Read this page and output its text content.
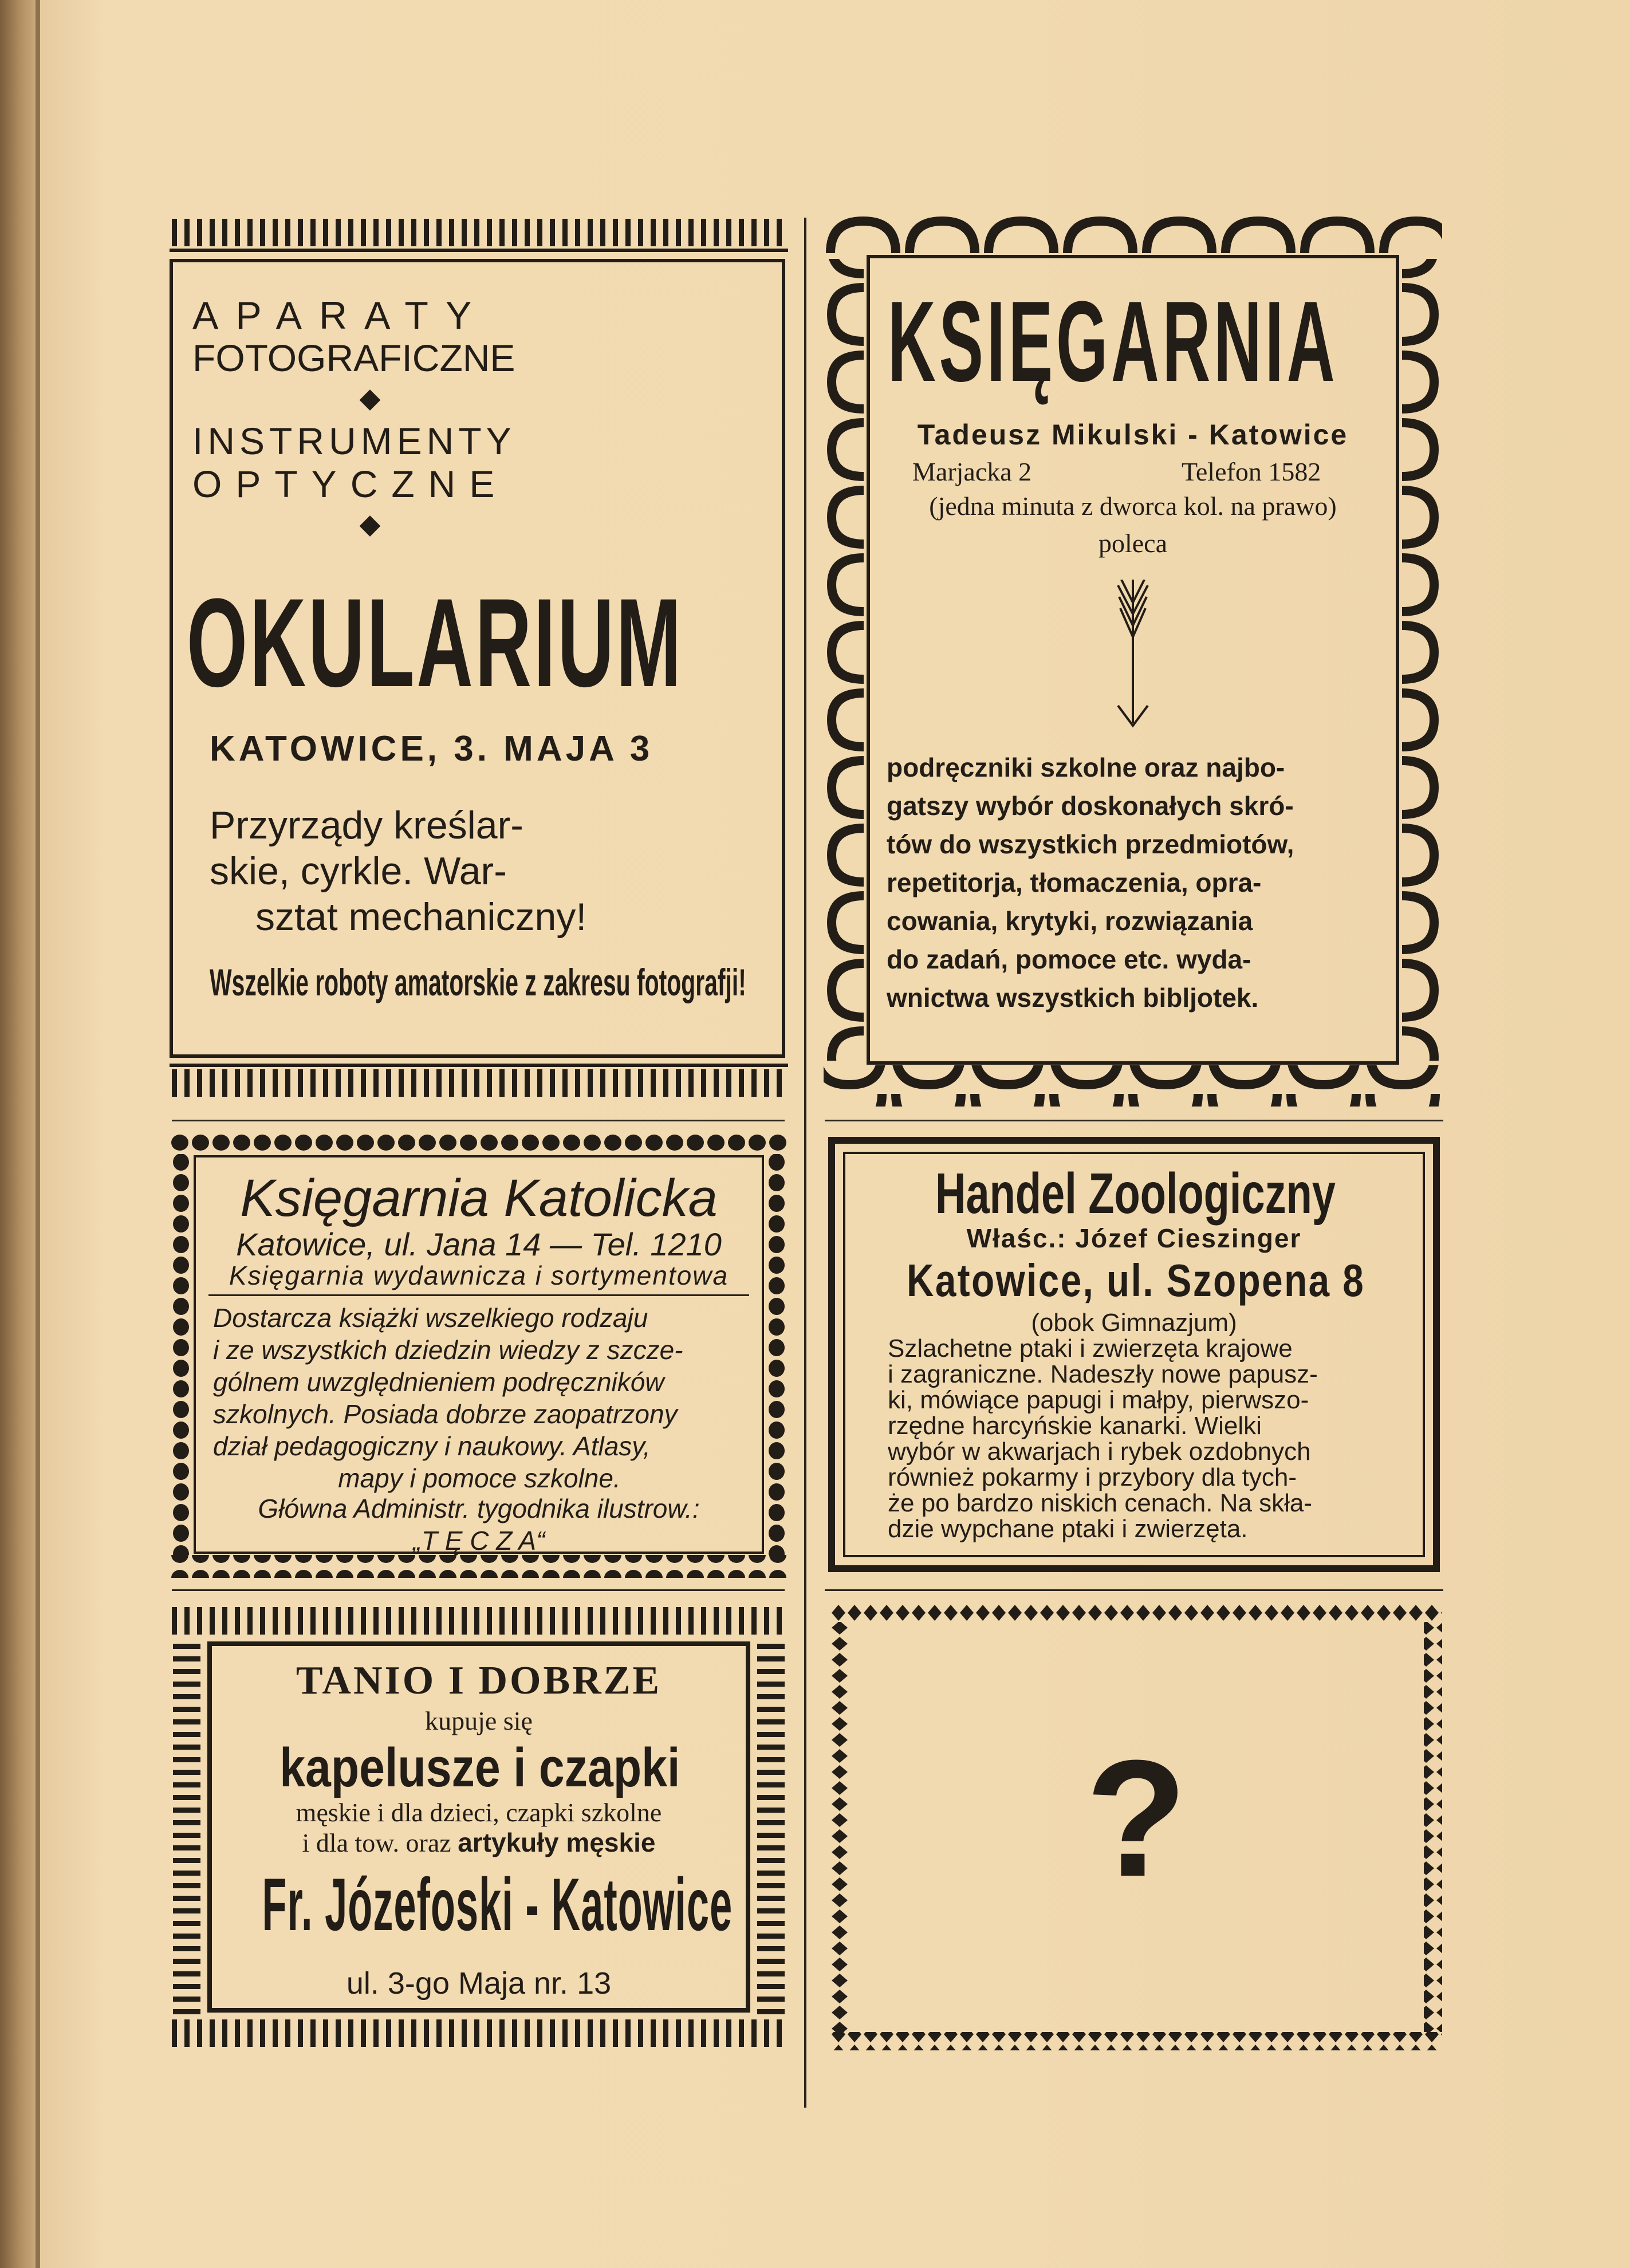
APARATY
FOTOGRAFICZNE
◆
INSTRUMENTY
OPTYCZNE
◆
OKULARIUM
KATOWICE, 3. MAJA 3
Przyrządy kreślar-
skie, cyrkle. War-
sztat mechaniczny!
Wszelkie roboty amatorskie z zakresu fotografji!
KSIĘGARNIA
Tadeusz Mikulski - Katowice
Marjacka 2	Telefon 1582
(jedna minuta z dworca kol. na prawo)
poleca
podręczniki szkolne oraz najbo-
gatszy wybór doskonałych skró-
tów do wszystkich przedmiotów,
repetitorja, tłomaczenia, opra-
cowania, krytyki, rozwiązania
do zadań, pomoce etc. wyda-
wnictwa wszystkich bibljotek.
Księgarnia Katolicka
Katowice, ul. Jana 14 — Tel. 1210
Księgarnia wydawnicza i sortymentowa
Dostarcza książki wszelkiego rodzaju
i ze wszystkich dziedzin wiedzy z szcze-
gólnem uwzględnieniem podręczników
szkolnych. Posiada dobrze zaopatrzony
dział pedagogiczny i naukowy. Atlasy,
mapy i pomoce szkolne.
Główna Administr. tygodnika ilustrow.:
„T Ę C Z A“
Handel Zoologiczny
Właśc.: Józef Cieszinger
Katowice, ul. Szopena 8
(obok Gimnazjum)
Szlachetne ptaki i zwierzęta krajowe
i zagraniczne. Nadeszły nowe papusz-
ki, mówiące papugi i małpy, pierwszo-
rzędne harcyńskie kanarki. Wielki
wybór w akwarjach i rybek ozdobnych
również pokarmy i przybory dla tych-
że po bardzo niskich cenach. Na skła-
dzie wypchane ptaki i zwierzęta.
TANIO I DOBRZE
kupuje się
kapelusze i czapki
męskie i dla dzieci, czapki szkolne
i dla tow. oraz artykuły męskie
Fr. Józefoski - Katowice
ul. 3-go Maja nr. 13
?
